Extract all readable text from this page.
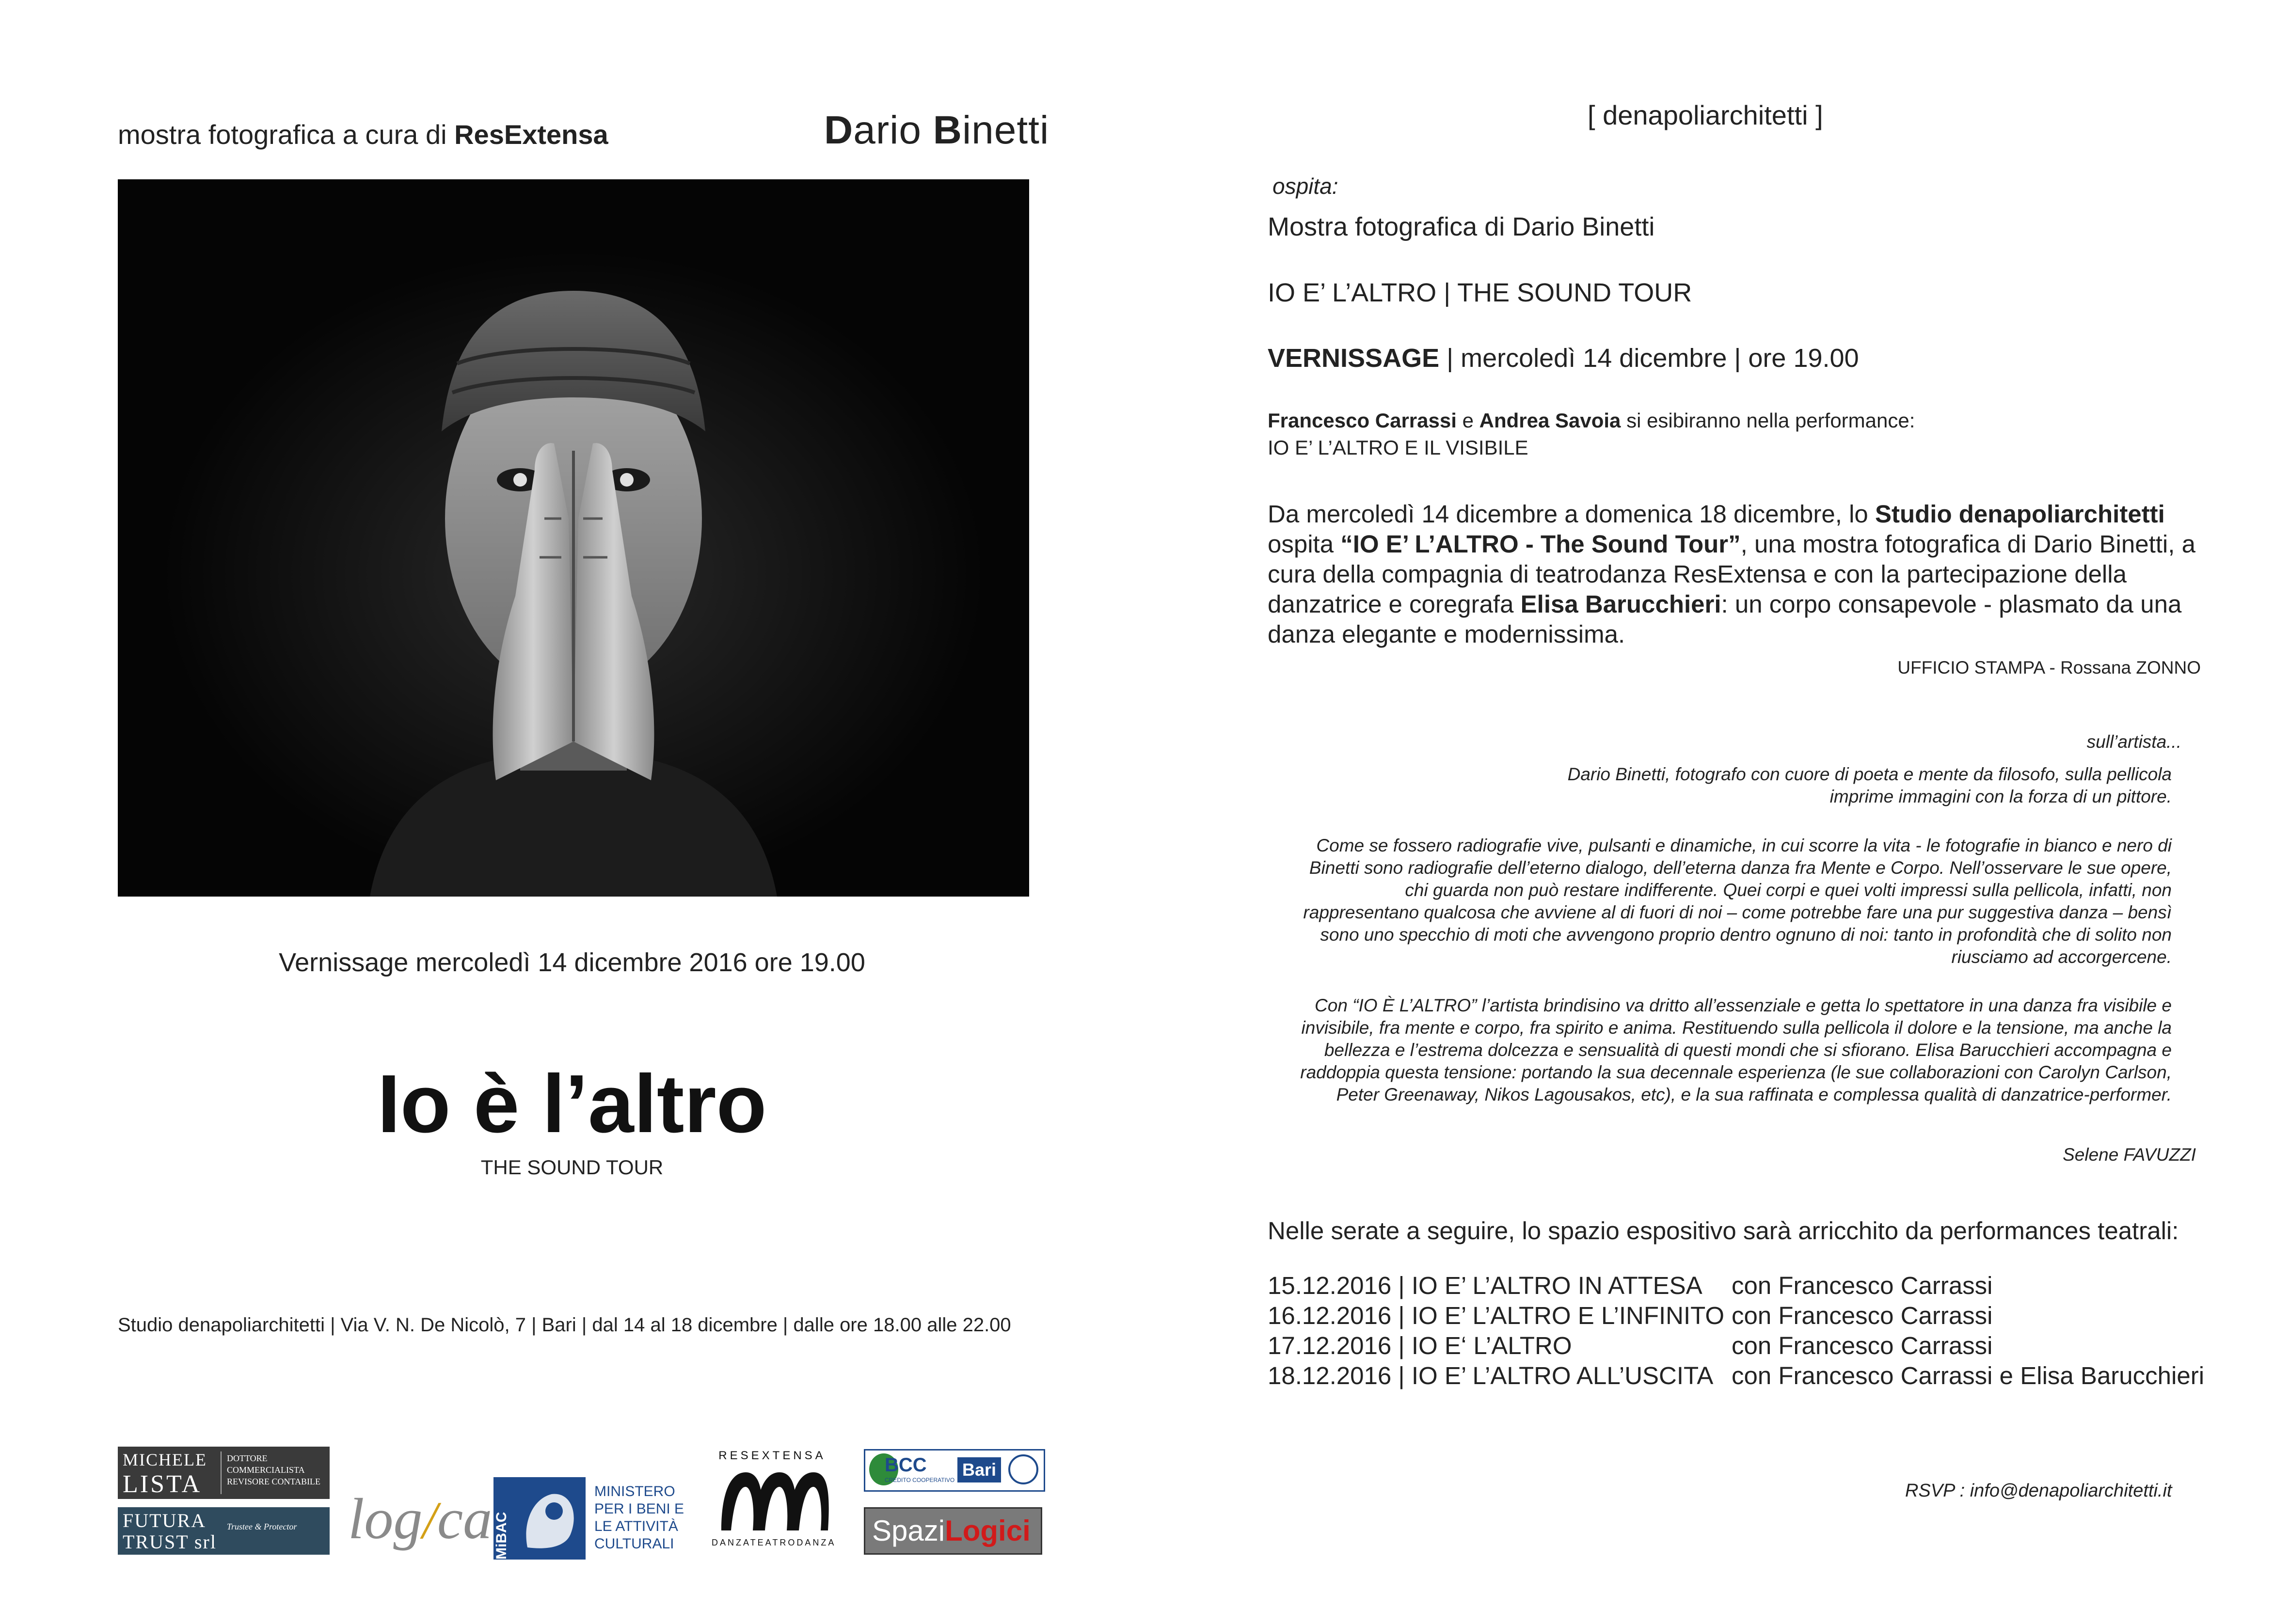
mostra fotografica a cura di ResExtensa	Dario Binetti
Vernissage mercoledì 14 dicembre 2016 ore 19.00
Io è l’altro
THE SOUND TOUR
Studio denapoliarchitetti | Via V. N. De Nicolò, 7 | Bari | dal 14 al 18 dicembre | dalle ore 18.00 alle 22.00
MICHELE
LISTA
DOTTORE COMMERCIALISTA REVISORE CONTABILE
FUTURA
TRUST srl
Trustee & Protector log/ca MiBAC
MINISTERO
PER I BENI E
LE ATTIVITÀ
CULTURALI
RESEXTENSA
DANZATEATRODANZA
BCC
CREDITO COOPERATIVO
Bari
SpaziLogici
[ denapoliarchitetti ]
ospita:
Mostra fotografica di Dario Binetti
IO E’ L’ALTRO | THE SOUND TOUR
VERNISSAGE | mercoledì 14 dicembre | ore 19.00
Francesco Carrassi e Andrea Savoia si esibiranno nella performance:
IO E’ L’ALTRO E IL VISIBILE
Da mercoledì 14 dicembre a domenica 18 dicembre, lo Studio denapoliarchitetti ospita “IO E’ L’ALTRO - The Sound Tour”, una mostra fotografica di Dario Binetti, a cura della compagnia di teatrodanza ResExtensa e con la partecipazione della danzatrice e coregrafa Elisa Barucchieri: un corpo consapevole - plasmato da una danza elegante e modernissima.
UFFICIO STAMPA - Rossana ZONNO
sull’artista...
Dario Binetti, fotografo con cuore di poeta e mente da filosofo, sulla pellicola imprime immagini con la forza di un pittore.
Come se fossero radiografie vive, pulsanti e dinamiche, in cui scorre la vita - le fotografie in bianco e nero di Binetti sono radiografie dell’eterno dialogo, dell’eterna danza fra Mente e Corpo. Nell’osservare le sue opere, chi guarda non può restare indifferente. Quei corpi e quei volti impressi sulla pellicola, infatti, non rappresentano qualcosa che avviene al di fuori di noi – come potrebbe fare una pur suggestiva danza – bensì sono uno specchio di moti che avvengono proprio dentro ognuno di noi: tanto in profondità che di solito non riusciamo ad accorgercene.
Con “IO È L’ALTRO” l’artista brindisino va dritto all’essenziale e getta lo spettatore in una danza fra visibile e invisibile, fra mente e corpo, fra spirito e anima. Restituendo sulla pellicola il dolore e la tensione, ma anche la bellezza e l’estrema dolcezza e sensualità di questi mondi che si sfiorano. Elisa Barucchieri accompagna e raddoppia questa tensione: portando la sua decennale esperienza (le sue collaborazioni con Carolyn Carlson, Peter Greenaway, Nikos Lagousakos, etc), e la sua raffinata e complessa qualità di danzatrice-performer.
Selene FAVUZZI
Nelle serate a seguire, lo spazio espositivo sarà arricchito da performances teatrali:
15.12.2016 | IO E’ L’ALTRO IN ATTESA	con Francesco Carrassi
16.12.2016 | IO E’ L’ALTRO E L’INFINITO con Francesco Carrassi
17.12.2016 | IO E‘ L’ALTRO	con Francesco Carrassi
18.12.2016 | IO E’ L’ALTRO ALL’USCITA con Francesco Carrassi e Elisa Barucchieri
RSVP : info@denapoliarchitetti.it
